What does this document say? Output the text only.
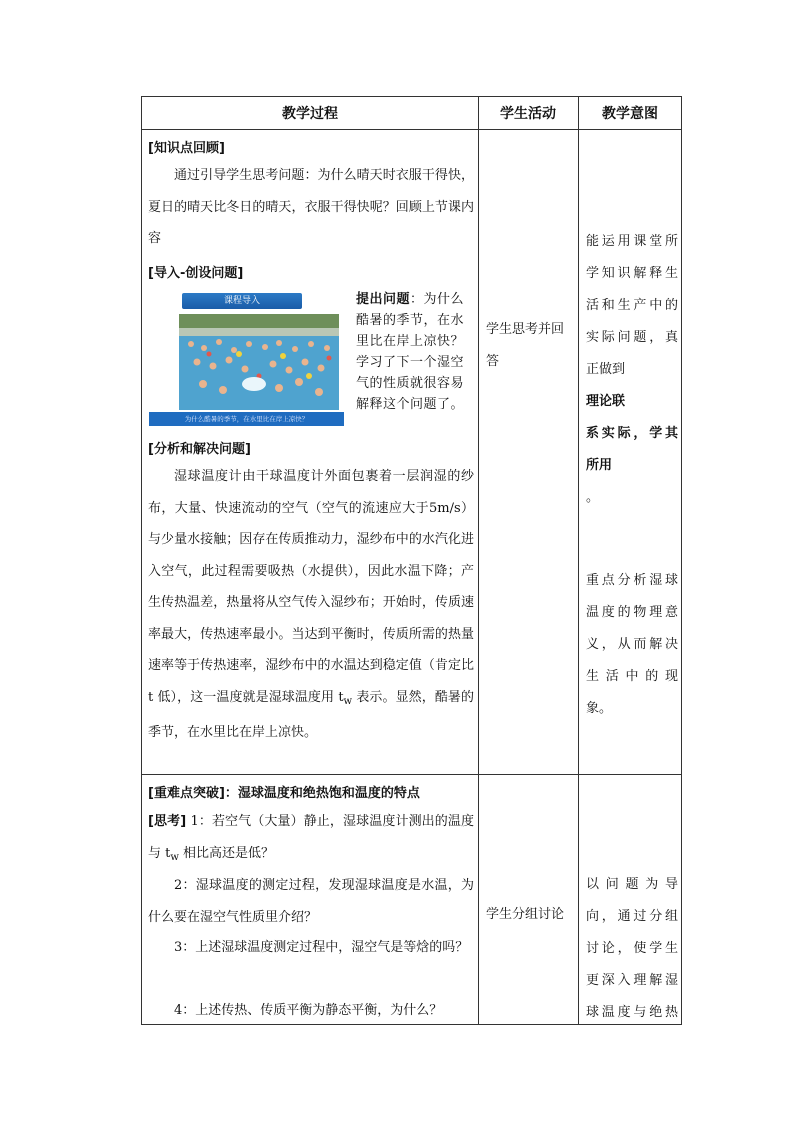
教学过程	学生活动	教学意图
[知识点回顾]
通过引导学生思考问题：为什么晴天时衣服干得快，夏日的晴天比冬日的晴天，衣服干得快呢？回顾上节课内容
[导入-创设问题]
课程导入
为什么酷暑的季节，在水里比在岸上凉快？
提出问题：为什么酷暑的季节，在水里比在岸上凉快？学习了下一个湿空气的性质就很容易解释这个问题了。
[分析和解决问题]
湿球温度计由干球温度计外面包裹着一层润湿的纱布，大量、快速流动的空气（空气的流速应大于5m/s）与少量水接触；因存在传质推动力，湿纱布中的水汽化进入空气，此过程需要吸热（水提供），因此水温下降；产生传热温差，热量将从空气传入湿纱布；开始时，传质速率最大，传热速率最小。当达到平衡时，传质所需的热量速率等于传热速率，湿纱布中的水温达到稳定值（肯定比 t 低），这一温度就是湿球温度用 $t_w$ 表示。显然，酷暑的季节，在水里比在岸上凉快。
学生思考并回答
能运用课堂所
学知识解释生
活和生产中的
实际问题，真
正做到
理论联
系实际，学其
所用
。
重点分析湿球
温度的物理意
义，从而解决
生 活 中 的 现
象。
[重难点突破]：湿球温度和绝热饱和温度的特点
[思考] 1：若空气（大量）静止，湿球温度计测出的温度与 $t_w$ 相比高还是低？
2：湿球温度的测定过程，发现湿球温度是水温，为什么要在湿空气性质里介绍？
3：上述湿球温度测定过程中，湿空气是等焓的吗？
4：上述传热、传质平衡为静态平衡，为什么？
学生分组讨论
以 问 题 为 导
向，通过分组
讨论，使学生
更深入理解湿
球温度与绝热
